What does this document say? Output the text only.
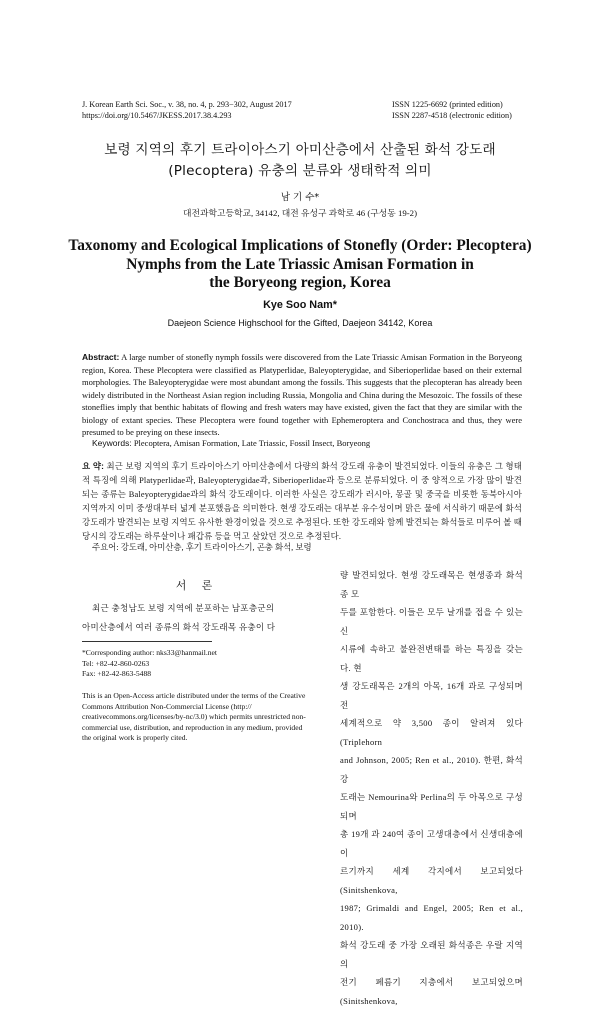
J. Korean Earth Sci. Soc., v. 38, no. 4, p. 293−302, August 2017
https://doi.org/10.5467/JKESS.2017.38.4.293
ISSN 1225-6692 (printed edition)
ISSN 2287-4518 (electronic edition)
보령 지역의 후기 트라이아스기 아미산층에서 산출된 화석 강도래
(Plecoptera) 유충의 분류와 생태학적 의미
남 기 수*
대전과학고등학교, 34142, 대전 유성구 과학로 46 (구성동 19-2)
Taxonomy and Ecological Implications of Stonefly (Order: Plecoptera)
Nymphs from the Late Triassic Amisan Formation in
the Boryeong region, Korea
Kye Soo Nam*
Daejeon Science Highschool for the Gifted, Daejeon 34142, Korea
Abstract: A large number of stonefly nymph fossils were discovered from the Late Triassic Amisan Formation in the Boryeong region, Korea. These Plecoptera were classified as Platyperlidae, Baleyopterygidae, and Siberioperlidae based on their external morphologies. The Baleyopterygidae were most abundant among the fossils. This suggests that the plecopteran has already been widely distributed in the Northeast Asian region including Russia, Mongolia and China during the Mesozoic. The fossils of these stoneflies imply that benthic habitats of flowing and fresh waters may have existed, given the fact that they are similar with the biology of extant species. These Plecoptera were found together with Ephemeroptera and Conchostraca and thus, they were presumed to be preying on these insects.
Keywords: Plecoptera, Amisan Formation, Late Triassic, Fossil Insect, Boryeong
요 약: 최근 보령 지역의 후기 트라이아스기 아미산층에서 다량의 화석 강도래 유충이 발견되었다. 이들의 유충은 그 형태적 특징에 의해 Platyperlidae과, Baleyopterygidae과, Siberioperlidae과 등으로 분류되었다. 이 중 양적으로 가장 많이 발견되는 종류는 Baleyopterygidae과의 화석 강도래이다. 이러한 사실은 강도래가 러시아, 몽골 및 중국을 비롯한 동북아시아 지역까지 이미 중생대부터 넓게 분포했음을 의미한다. 현생 강도래는 대부분 유수성이며 맑은 물에 서식하기 때문에 화석 강도래가 발견되는 보령 지역도 유사한 환경이었을 것으로 추정된다. 또한 강도래와 함께 발견되는 화석들로 미루어 볼 때 당시의 강도래는 하루살이나 패갑류 등을 먹고 살았던 것으로 추정된다.
주요어: 강도래, 아미산층, 후기 트라이아스기, 곤충 화석, 보령
서 론
최근 충청남도 보령 지역에 분포하는 남포층군의
아미산층에서 여러 종류의 화석 강도래목 유충이 다
량 발견되었다. 현생 강도래목은 현생종과 화석종 모
두를 포함한다. 이들은 모두 날개를 접을 수 있는 신
시류에 속하고 불완전변태를 하는 특징을 갖는다. 현
생 강도래목은 2개의 아목, 16개 과로 구성되며 전
세계적으로 약 3,500 종이 알려져 있다(Triplehorn
and Johnson, 2005; Ren et al., 2010). 한편, 화석 강
도래는 Nemourina와 Perlina의 두 아목으로 구성되며
총 19개 과 240여 종이 고생대층에서 신생대층에 이
르기까지 세계 각지에서 보고되었다(Sinitshenkova,
1987; Grimaldi and Engel, 2005; Ren et al., 2010).
화석 강도래 중 가장 오래된 화석종은 우랄 지역의
전기 페름기 지층에서 보고되었으며(Sinitshenkova,
*Corresponding author: nks33@hanmail.net
Tel: +82-42-860-0263
Fax: +82-42-863-5488
This is an Open-Access article distributed under the terms of the Creative Commons Attribution Non-Commercial License (http:// creativecommons.org/licenses/by-nc/3.0) which permits unrestricted non-commercial use, distribution, and reproduction in any medium, provided the original work is properly cited.
